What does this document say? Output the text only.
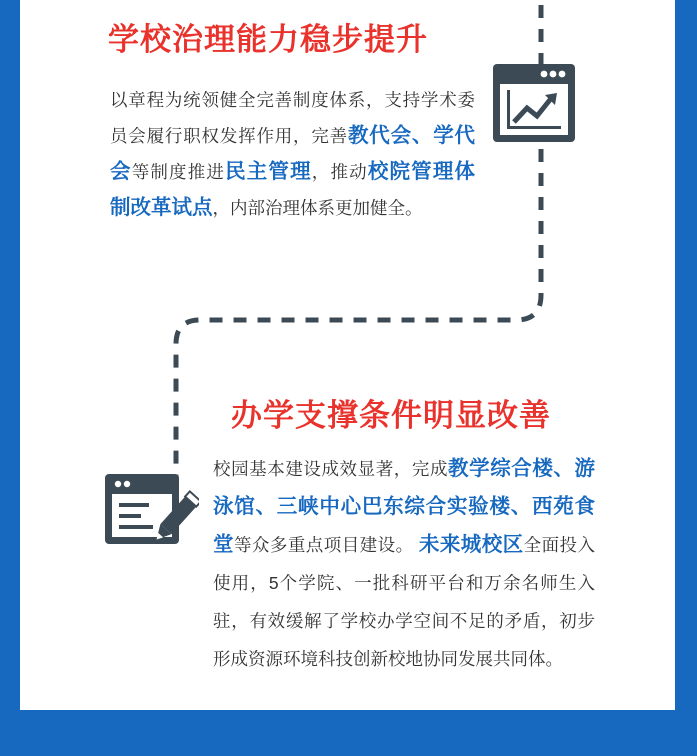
学校治理能力稳步提升
以章程为统领健全完善制度体系，支持学术委员会履行职权发挥作用，完善教代会、学代会等制度推进民主管理，推动校院管理体制改革试点，内部治理体系更加健全。
办学支撑条件明显改善
校园基本建设成效显著，完成教学综合楼、游泳馆、三峡中心巴东综合实验楼、西苑食堂等众多重点项目建设。 未来城校区全面投入使用，5个学院、一批科研平台和万余名师生入驻，有效缓解了学校办学空间不足的矛盾，初步形成资源环境科技创新校地协同发展共同体。
